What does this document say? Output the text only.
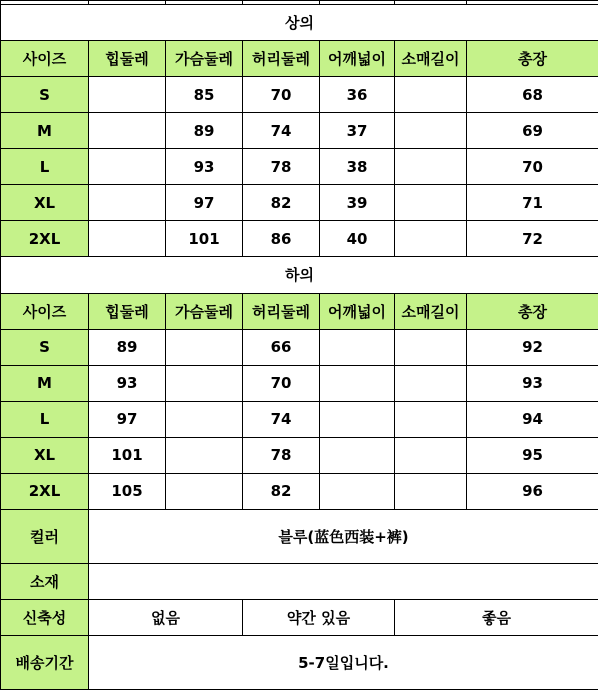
상의						
사이즈	힙둘레	가슴둘레	허리둘레	어깨넓이	소매길이	총장
S		85	70	36		68
M		89	74	37		69
L		93	78	38		70
XL		97	82	39		71
2XL		101	86	40		72
하의						
사이즈	힙둘레	가슴둘레	허리둘레	어깨넓이	소매길이	총장
S	89		66			92
M	93		70			93
L	97		74			94
XL	101		78			95
2XL	105		82			96
컬러	블루(蓝色西装+裤)					
소재						
신축성	없음		약간 있음		좋음	
배송기간	5-7일입니다.					
